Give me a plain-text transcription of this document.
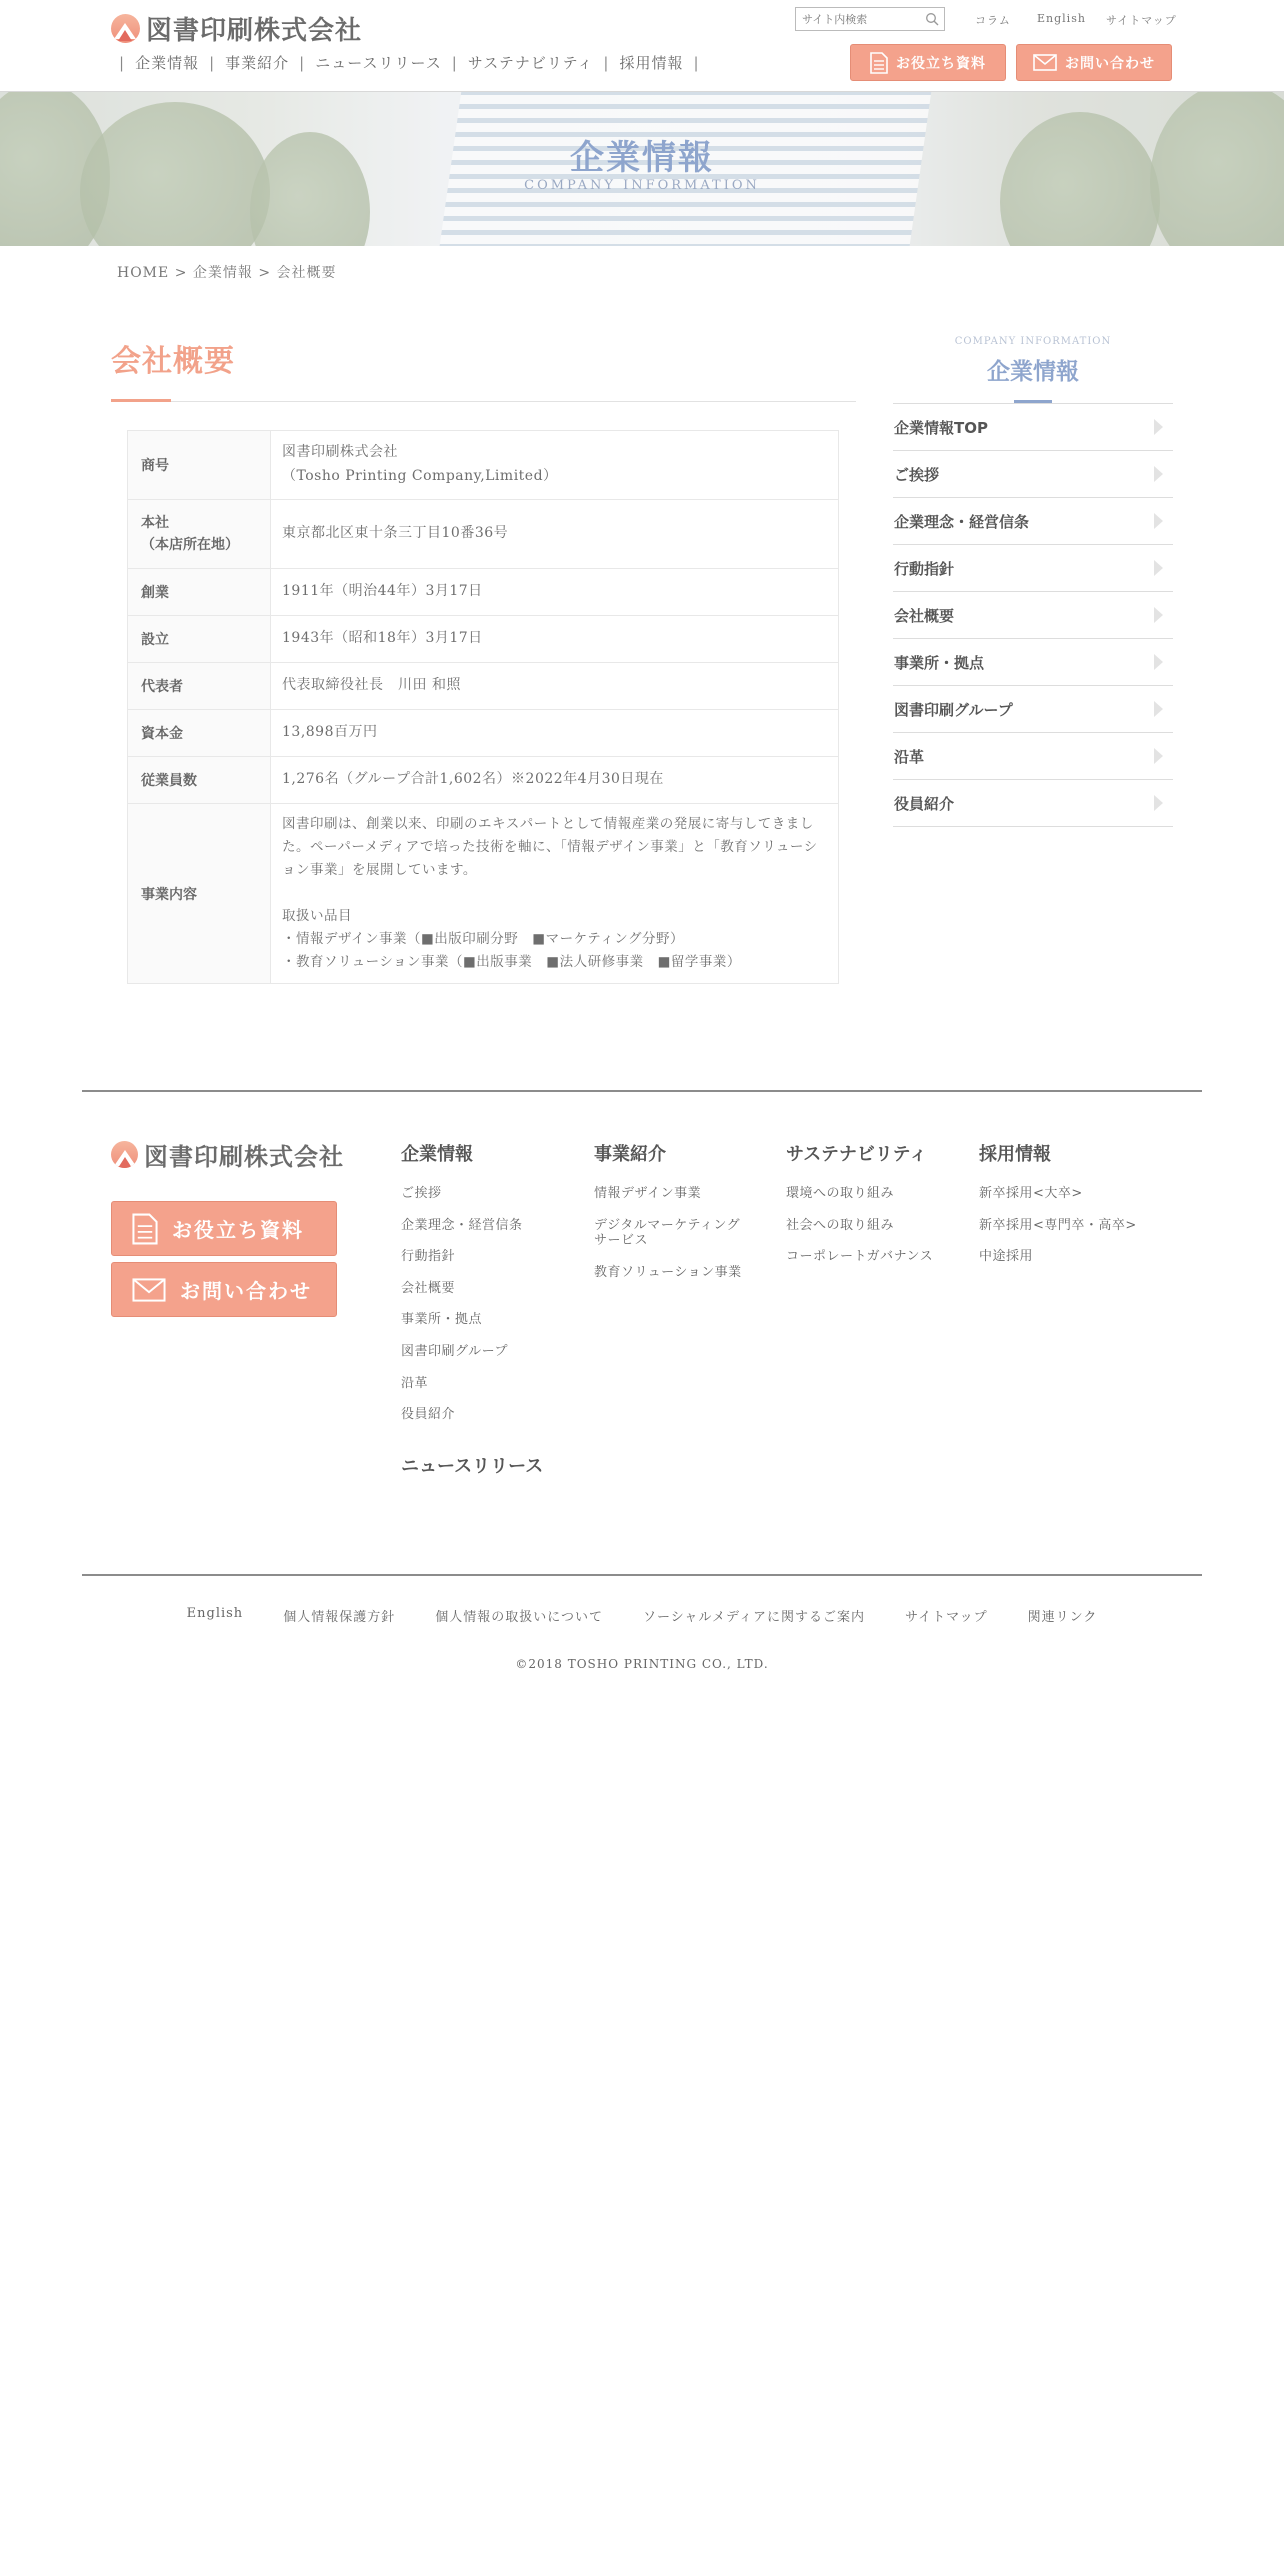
図書印刷株式会社
サイト内検索	コラム English サイトマップ
| 企業情報 | 事業紹介 | ニュースリリース | サステナビリティ | 採用情報 |	お役立ち資料	お問い合わせ
企業情報
COMPANY INFORMATION
HOME > 企業情報 > 会社概要
会社概要
商号	図書印刷株式会社
（Tosho Printing Company,Limited）
本社
（本店所在地）	東京都北区東十条三丁目10番36号
創業	1911年（明治44年）3月17日
設立	1943年（昭和18年）3月17日
代表者	代表取締役社長　川田 和照
資本金	13,898百万円
従業員数	1,276名（グループ合計1,602名）※2022年4月30日現在
事業内容	図書印刷は、創業以来、印刷のエキスパートとして情報産業の発展に寄与してきました。ペーパーメディアで培った技術を軸に、「情報デザイン事業」と「教育ソリューション事業」を展開しています。

取扱い品目
・情報デザイン事業（■出版印刷分野　■マーケティング分野）
・教育ソリューション事業（■出版事業　■法人研修事業　■留学事業）
COMPANY INFORMATION
企業情報
企業情報TOP
ご挨拶
企業理念・経営信条
行動指針
会社概要
事業所・拠点
図書印刷グループ
沿革
役員紹介
図書印刷株式会社
お役立ち資料
お問い合わせ
企業情報
ご挨拶
企業理念・経営信条
行動指針
会社概要
事業所・拠点
図書印刷グループ
沿革
役員紹介
事業紹介
情報デザイン事業
デジタルマーケティング
サービス
教育ソリューション事業
サステナビリティ
環境への取り組み
社会への取り組み
コーポレートガバナンス
採用情報
新卒採用<大卒>
新卒採用<専門卒・高卒>
中途採用
ニュースリリース
English	個人情報保護方針	個人情報の取扱いについて	ソーシャルメディアに関するご案内	サイトマップ	関連リンク
©2018 TOSHO PRINTING CO., LTD.
